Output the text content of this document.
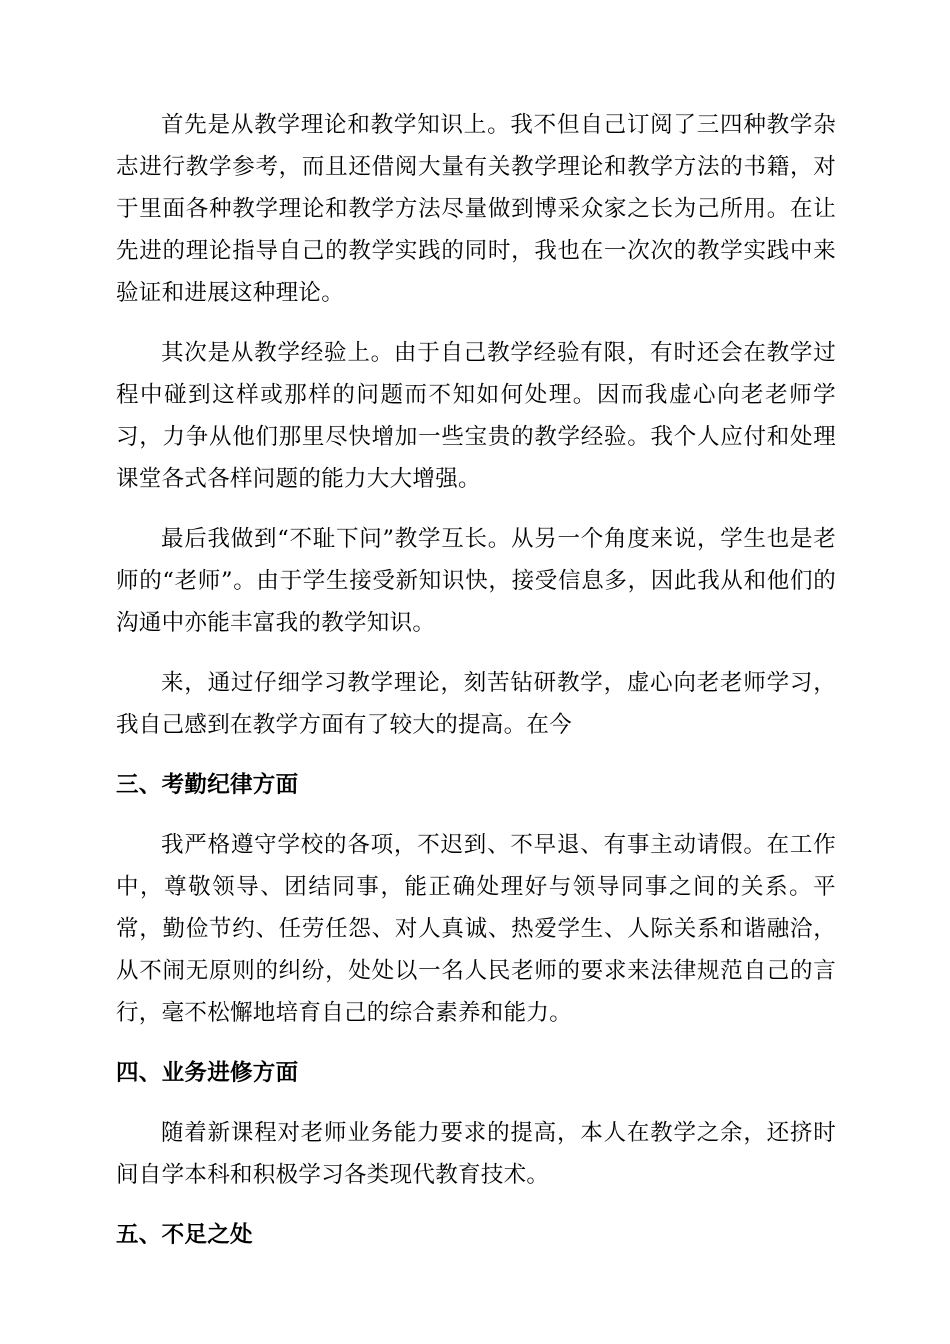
首先是从教学理论和教学知识上。我不但自己订阅了三四种教学杂志进行教学参考，而且还借阅大量有关教学理论和教学方法的书籍，对于里面各种教学理论和教学方法尽量做到博采众家之长为己所用。在让先进的理论指导自己的教学实践的同时，我也在一次次的教学实践中来验证和进展这种理论。

其次是从教学经验上。由于自己教学经验有限，有时还会在教学过程中碰到这样或那样的问题而不知如何处理。因而我虚心向老老师学习，力争从他们那里尽快增加一些宝贵的教学经验。我个人应付和处理课堂各式各样问题的能力大大增强。

最后我做到“不耻下问”教学互长。从另一个角度来说，学生也是老师的“老师”。由于学生接受新知识快，接受信息多，因此我从和他们的沟通中亦能丰富我的教学知识。

来，通过仔细学习教学理论，刻苦钻研教学，虚心向老老师学习，我自己感到在教学方面有了较大的提高。在今

三、考勤纪律方面

我严格遵守学校的各项，不迟到、不早退、有事主动请假。在工作中，尊敬领导、团结同事，能正确处理好与领导同事之间的关系。平常，勤俭节约、任劳任怨、对人真诚、热爱学生、人际关系和谐融洽，从不闹无原则的纠纷，处处以一名人民老师的要求来法律规范自己的言行，毫不松懈地培育自己的综合素养和能力。

四、业务进修方面

随着新课程对老师业务能力要求的提高，本人在教学之余，还挤时间自学本科和积极学习各类现代教育技术。

五、不足之处
